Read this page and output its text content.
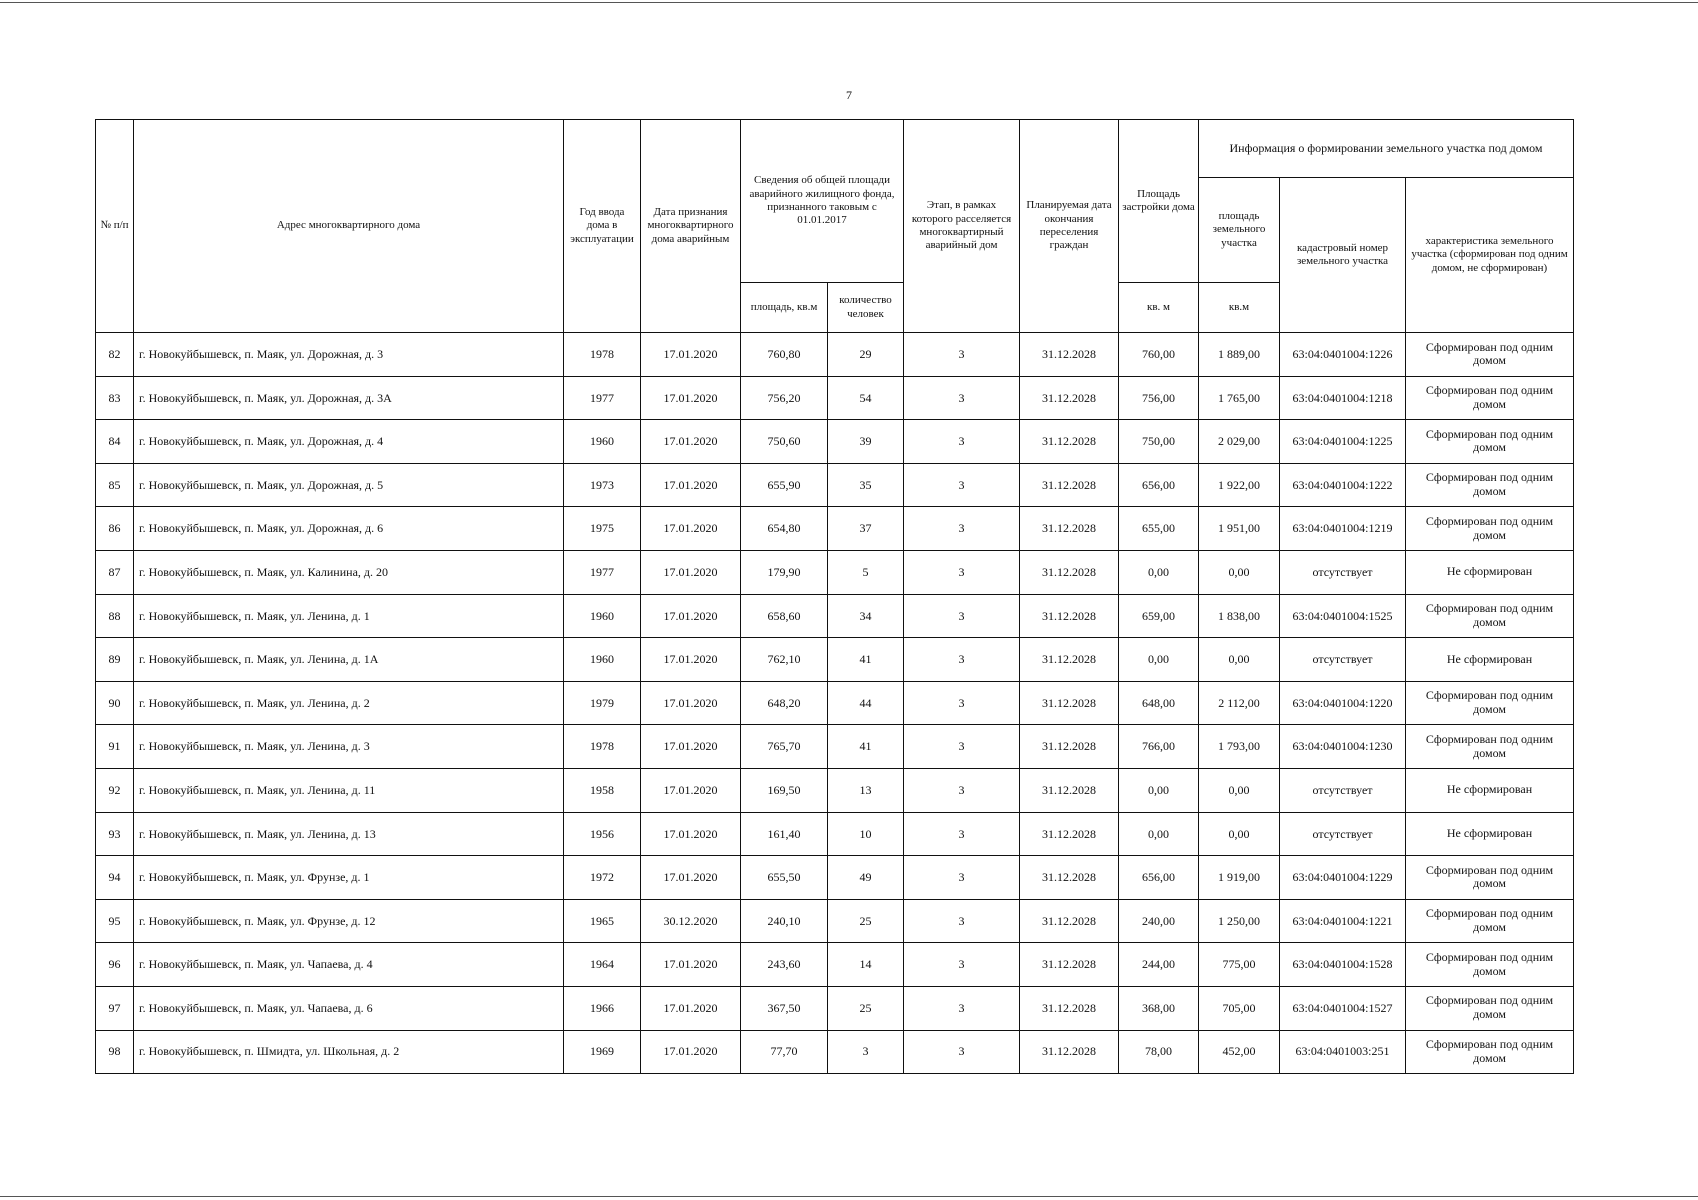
7
№ п/п	Адрес многоквартирного дома	Год ввода дома в эксплуатации	Дата признания многоквартирного дома аварийным	Сведения об общей площади аварийного жилищного фонда, признанного таковым с 01.01.2017		Этап, в рамках которого расселяется многоквартирный аварийный дом	Планируемая дата окончания переселения граждан	Площадь застройки дома	Информация о формировании земельного участка под домом		
									площадь земельного участка	кадастровый номер земельного участка	характеристика земельного участка (сформирован под одним домом, не сформирован)
				площадь, кв.м	количество человек			кв. м	кв.м		
82	г. Новокуйбышевск, п. Маяк, ул. Дорожная, д. 3	1978	17.01.2020	760,80	29	3	31.12.2028	760,00	1 889,00	63:04:0401004:1226	Сформирован под одним домом
83	г. Новокуйбышевск, п. Маяк, ул. Дорожная, д. 3А	1977	17.01.2020	756,20	54	3	31.12.2028	756,00	1 765,00	63:04:0401004:1218	Сформирован под одним домом
84	г. Новокуйбышевск, п. Маяк, ул. Дорожная, д. 4	1960	17.01.2020	750,60	39	3	31.12.2028	750,00	2 029,00	63:04:0401004:1225	Сформирован под одним домом
85	г. Новокуйбышевск, п. Маяк, ул. Дорожная, д. 5	1973	17.01.2020	655,90	35	3	31.12.2028	656,00	1 922,00	63:04:0401004:1222	Сформирован под одним домом
86	г. Новокуйбышевск, п. Маяк, ул. Дорожная, д. 6	1975	17.01.2020	654,80	37	3	31.12.2028	655,00	1 951,00	63:04:0401004:1219	Сформирован под одним домом
87	г. Новокуйбышевск, п. Маяк, ул. Калинина, д. 20	1977	17.01.2020	179,90	5	3	31.12.2028	0,00	0,00	отсутствует	Не сформирован
88	г. Новокуйбышевск, п. Маяк, ул. Ленина, д. 1	1960	17.01.2020	658,60	34	3	31.12.2028	659,00	1 838,00	63:04:0401004:1525	Сформирован под одним домом
89	г. Новокуйбышевск, п. Маяк, ул. Ленина, д. 1А	1960	17.01.2020	762,10	41	3	31.12.2028	0,00	0,00	отсутствует	Не сформирован
90	г. Новокуйбышевск, п. Маяк, ул. Ленина, д. 2	1979	17.01.2020	648,20	44	3	31.12.2028	648,00	2 112,00	63:04:0401004:1220	Сформирован под одним домом
91	г. Новокуйбышевск, п. Маяк, ул. Ленина, д. 3	1978	17.01.2020	765,70	41	3	31.12.2028	766,00	1 793,00	63:04:0401004:1230	Сформирован под одним домом
92	г. Новокуйбышевск, п. Маяк, ул. Ленина, д. 11	1958	17.01.2020	169,50	13	3	31.12.2028	0,00	0,00	отсутствует	Не сформирован
93	г. Новокуйбышевск, п. Маяк, ул. Ленина, д. 13	1956	17.01.2020	161,40	10	3	31.12.2028	0,00	0,00	отсутствует	Не сформирован
94	г. Новокуйбышевск, п. Маяк, ул. Фрунзе, д. 1	1972	17.01.2020	655,50	49	3	31.12.2028	656,00	1 919,00	63:04:0401004:1229	Сформирован под одним домом
95	г. Новокуйбышевск, п. Маяк, ул. Фрунзе, д. 12	1965	30.12.2020	240,10	25	3	31.12.2028	240,00	1 250,00	63:04:0401004:1221	Сформирован под одним домом
96	г. Новокуйбышевск, п. Маяк, ул. Чапаева, д. 4	1964	17.01.2020	243,60	14	3	31.12.2028	244,00	775,00	63:04:0401004:1528	Сформирован под одним домом
97	г. Новокуйбышевск, п. Маяк, ул. Чапаева, д. 6	1966	17.01.2020	367,50	25	3	31.12.2028	368,00	705,00	63:04:0401004:1527	Сформирован под одним домом
98	г. Новокуйбышевск, п. Шмидта, ул. Школьная, д. 2	1969	17.01.2020	77,70	3	3	31.12.2028	78,00	452,00	63:04:0401003:251	Сформирован под одним домом
